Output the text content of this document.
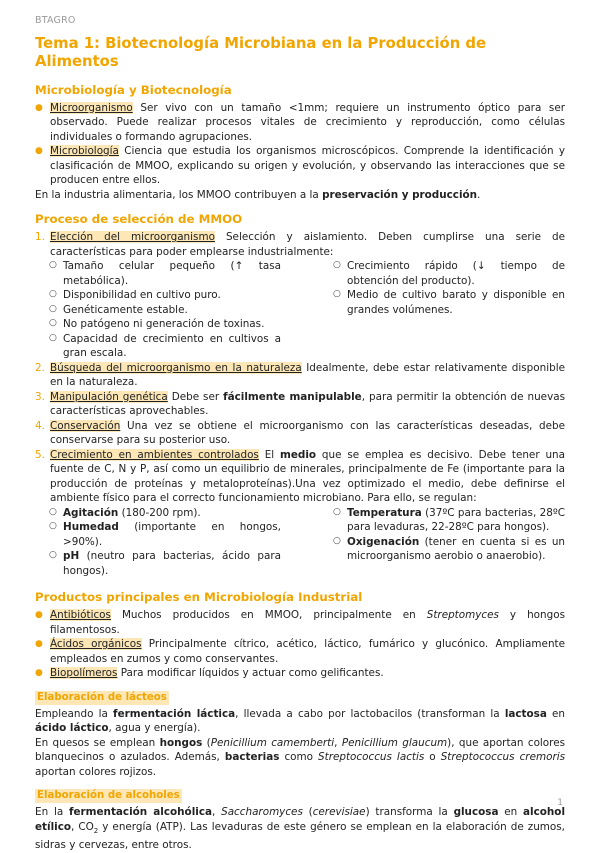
BTAGRO
Tema 1: Biotecnología Microbiana en la Producción de Alimentos
Microbiología y Biotecnología
● Microorganismo Ser vivo con un tamaño <1mm; requiere un instrumento óptico para ser observado. Puede realizar procesos vitales de crecimiento y reproducción, como células individuales o formando agrupaciones.
● Microbiología Ciencia que estudia los organismos microscópicos. Comprende la identificación y clasificación de MMOO, explicando su origen y evolución, y observando las interacciones que se producen entre ellos.

En la industria alimentaria, los MMOO contribuyen a la preservación y producción.

Proceso de selección de MMOO
1. Elección del microorganismo Selección y aislamiento. Deben cumplirse una serie de características para poder emplearse industrialmente:
○ Tamaño celular pequeño (↑ tasa metabólica).
○ Disponibilidad en cultivo puro.
○ Genéticamente estable.
○ No patógeno ni generación de toxinas.
○ Capacidad de crecimiento en cultivos a gran escala.
○ Crecimiento rápido (↓ tiempo de obtención del producto).
○ Medio de cultivo barato y disponible en grandes volúmenes.
2. Búsqueda del microorganismo en la naturaleza Idealmente, debe estar relativamente disponible en la naturaleza.
3. Manipulación genética Debe ser fácilmente manipulable, para permitir la obtención de nuevas características aprovechables.
4. Conservación Una vez se obtiene el microorganismo con las características deseadas, debe conservarse para su posterior uso.
5. Crecimiento en ambientes controlados El medio que se emplea es decisivo. Debe tener una fuente de C, N y P, así como un equilibrio de minerales, principalmente de Fe (importante para la producción de proteínas y metaloproteínas).Una vez optimizado el medio, debe definirse el ambiente físico para el correcto funcionamiento microbiano. Para ello, se regulan:
○ Agitación (180-200 rpm).
○ Humedad (importante en hongos, >90%).
○ pH (neutro para bacterias, ácido para hongos).
○ Temperatura (37ºC para bacterias, 28ºC para levaduras, 22-28ºC para hongos).
○ Oxigenación (tener en cuenta si es un microorganismo aerobio o anaerobio).
Productos principales en Microbiología Industrial
● Antibióticos Muchos producidos en MMOO, principalmente en Streptomyces y hongos filamentosos.
● Ácidos orgánicos Principalmente cítrico, acético, láctico, fumárico y glucónico. Ampliamente empleados en zumos y como conservantes.
● Biopolímeros Para modificar líquidos y actuar como gelificantes.
Elaboración de lácteos

Empleando la fermentación láctica, llevada a cabo por lactobacilos (transforman la lactosa en ácido láctico, agua y energía).

En quesos se emplean hongos (Penicillium camemberti, Penicillium glaucum), que aportan colores blanquecinos o azulados. Además, bacterias como Streptococcus lactis o Streptococcus cremoris aportan colores rojizos.

Elaboración de alcoholes

En la fermentación alcohólica, Saccharomyces (cerevisiae) transforma la glucosa en alcohol etílico, $CO_2$ y energía (ATP). Las levaduras de este género se emplean en la elaboración de zumos, sidras y cervezas, entre otros.

1
